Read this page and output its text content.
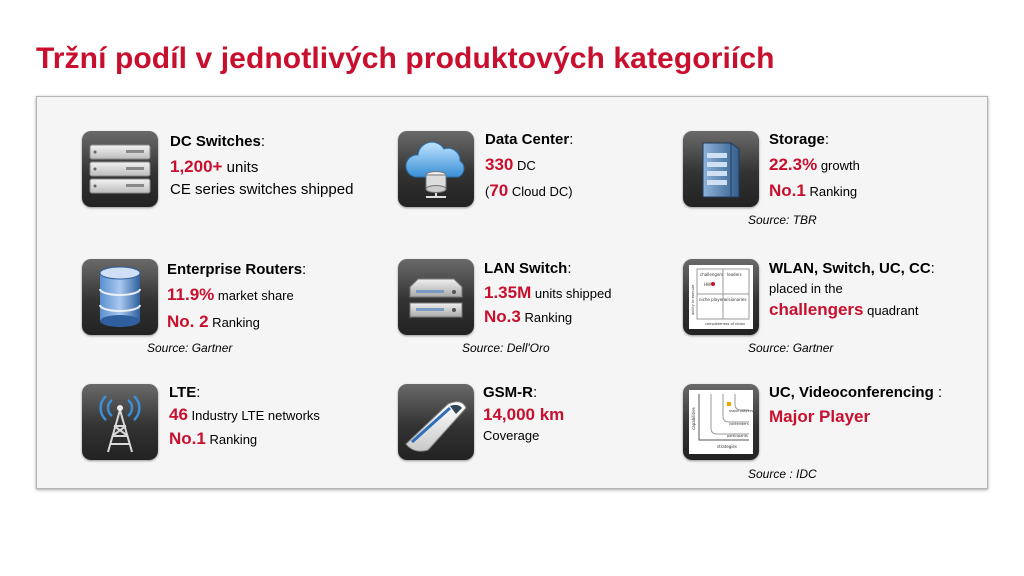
Tržní podíl v jednotlivých produktových kategoriích
DC Switches:
1,200+ units
CE series switches shipped
Data Center:
330 DC
(70 Cloud DC)
Storage:
22.3% growth
No.1 Ranking
Source: TBR
Enterprise Routers:
11.9% market share
No. 2 Ranking
Source: Gartner
LAN Switch:
1.35M units shipped
No.3 Ranking
Source: Dell'Oro
challengers leaders
niche players visionaries
HW
completeness of vision
ability to execute
WLAN, Switch, UC, CC:
placed in the
challengers quadrant
Source: Gartner
LTE:
46 Industry LTE networks
No.1 Ranking
GSM-R:
14,000 km
Coverage
major players
contenders
participants
strategies
capabilities
UC, Videoconferencing :
Major Player
Source : IDC
